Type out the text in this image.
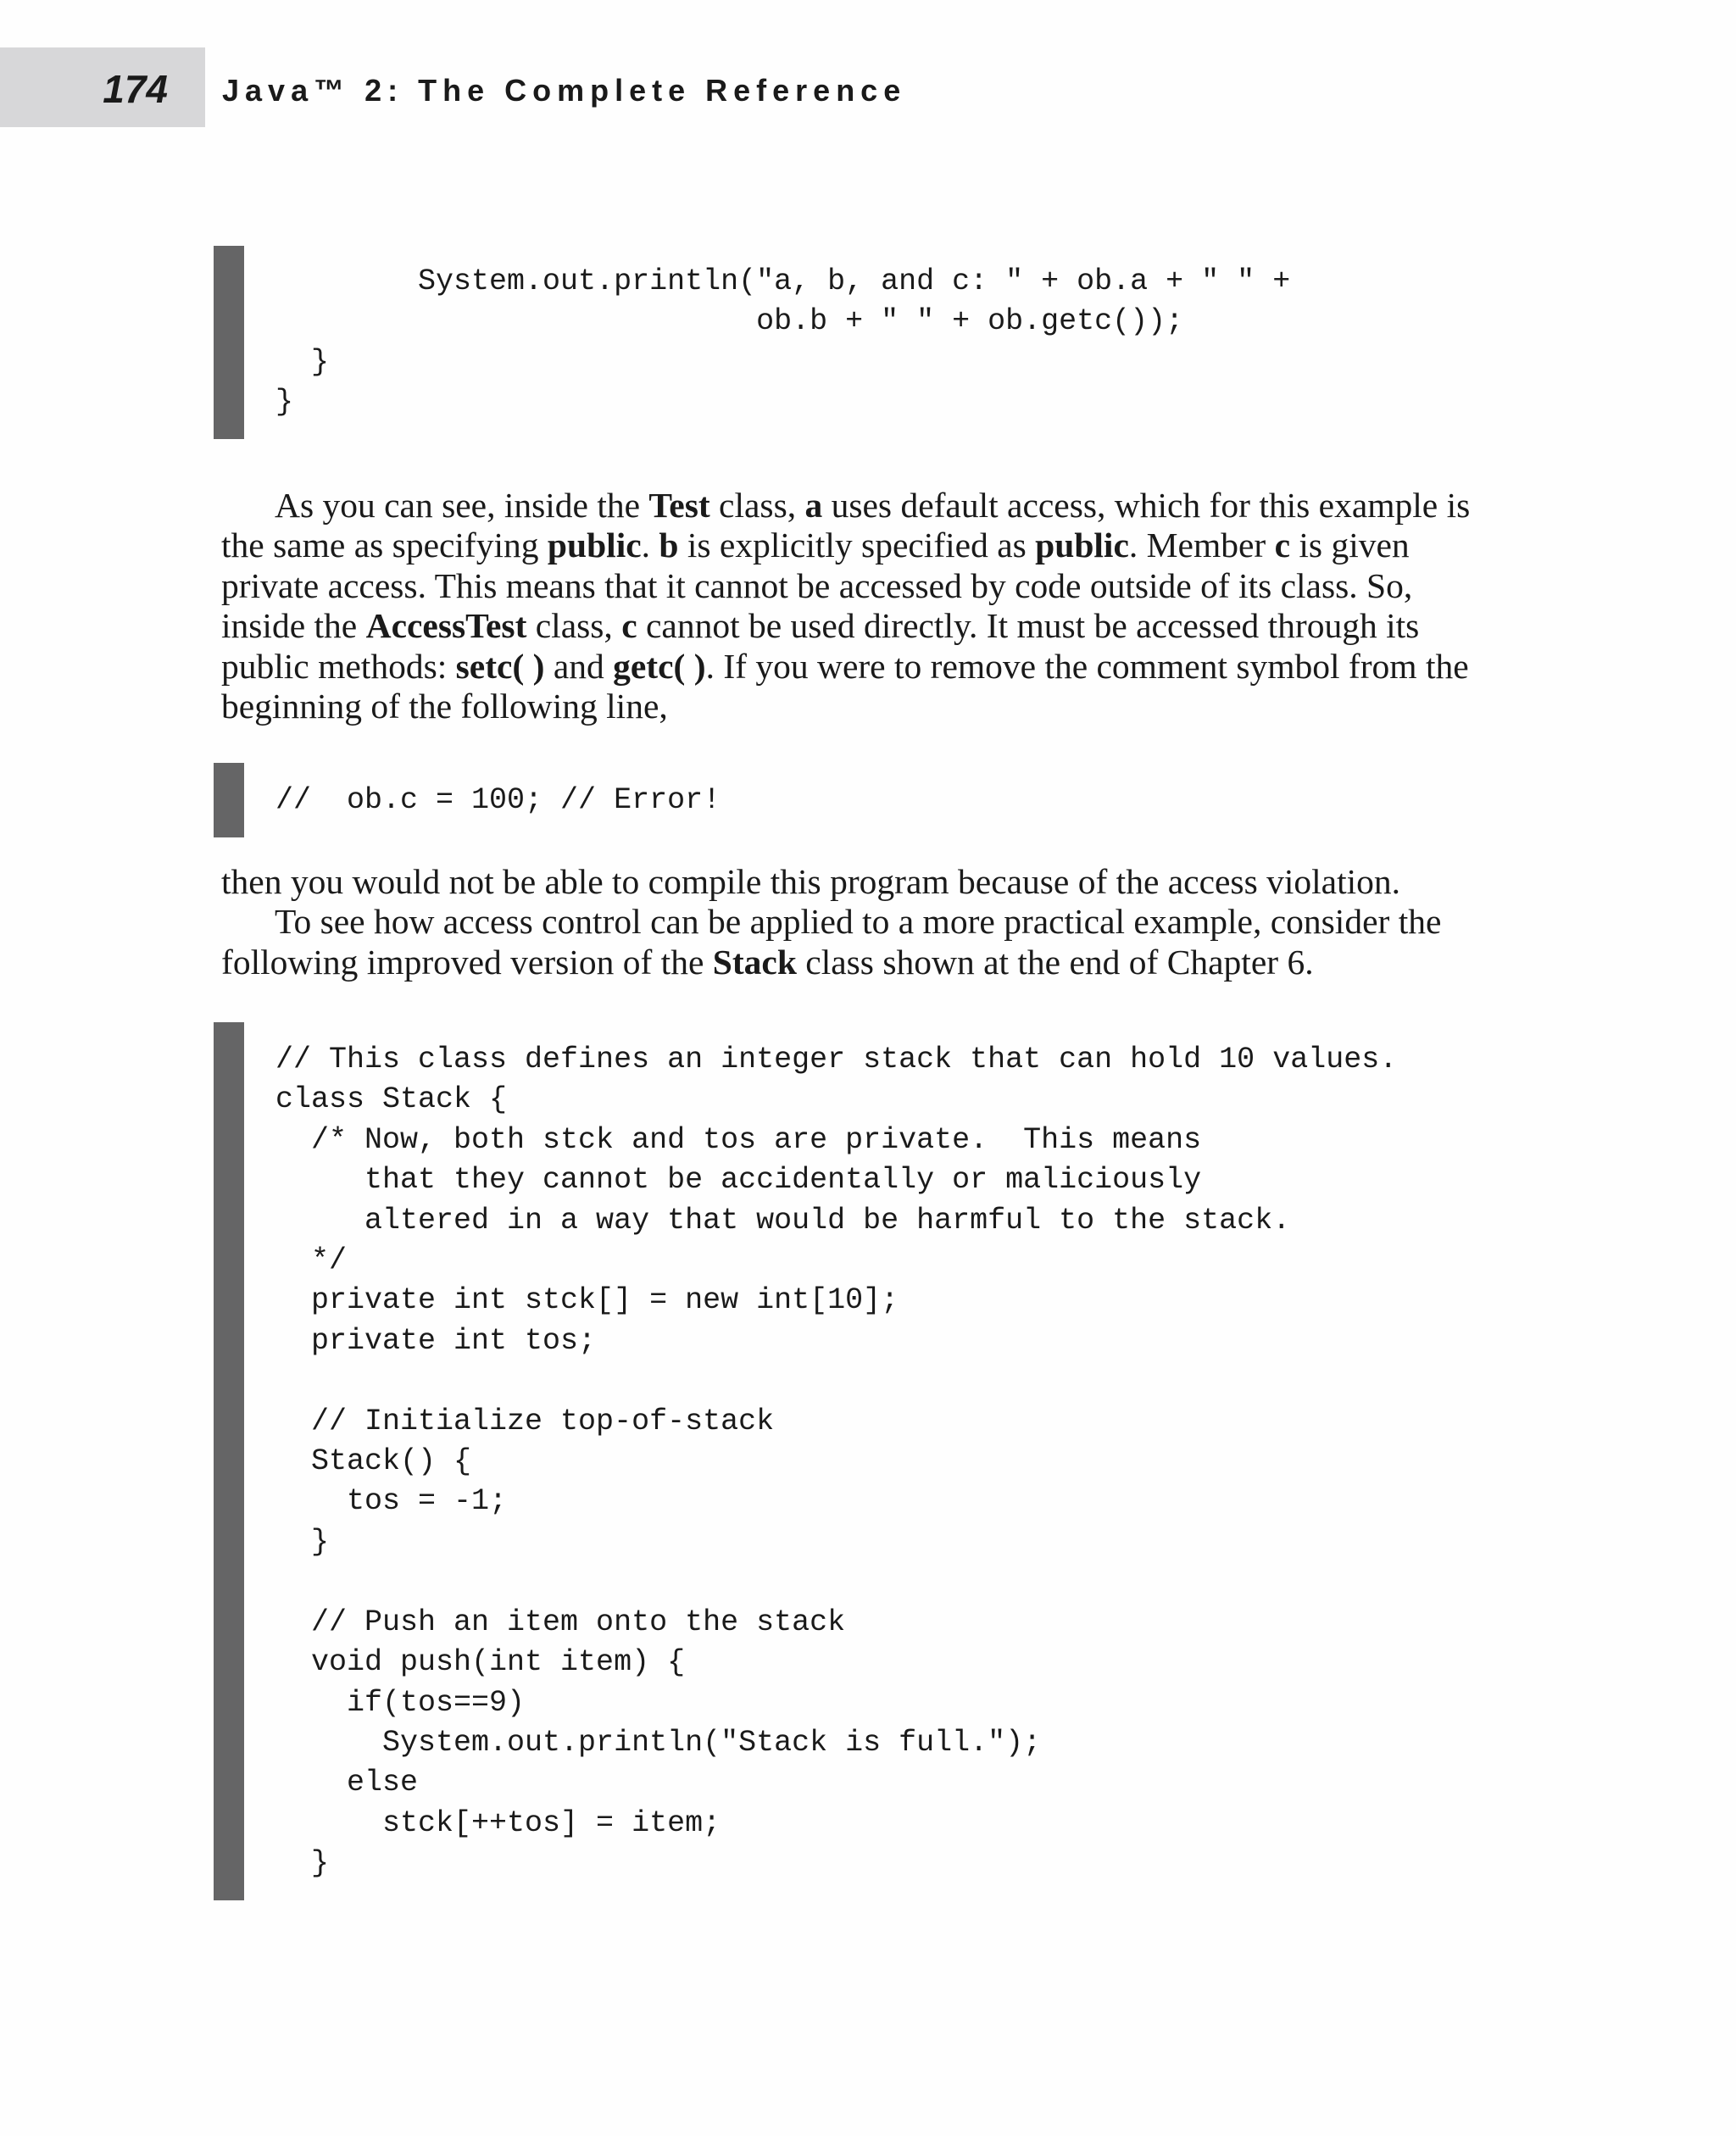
174 Java™ 2: The Complete Reference
System.out.println("a, b, and c: " + ob.a + " " +
ob.b + " " + ob.getc());
}
}

As you can see, inside the Test class, a uses default access, which for this example is the same as specifying public. b is explicitly specified as public. Member c is given private access. This means that it cannot be accessed by code outside of its class. So, inside the AccessTest class, c cannot be used directly. It must be accessed through its public methods: setc( ) and getc( ). If you were to remove the comment symbol from the beginning of the following line,

//  ob.c = 100; // Error!

then you would not be able to compile this program because of the access violation.

To see how access control can be applied to a more practical example, consider the following improved version of the Stack class shown at the end of Chapter 6.

// This class defines an integer stack that can hold 10 values.
class Stack {
/* Now, both stck and tos are private.  This means
that they cannot be accidentally or maliciously
altered in a way that would be harmful to the stack.
*/
private int stck[] = new int[10];
private int tos;

// Initialize top-of-stack
Stack() {
tos = -1;
}

// Push an item onto the stack
void push(int item) {
if(tos==9)
System.out.println("Stack is full.");
else
stck[++tos] = item;
}
